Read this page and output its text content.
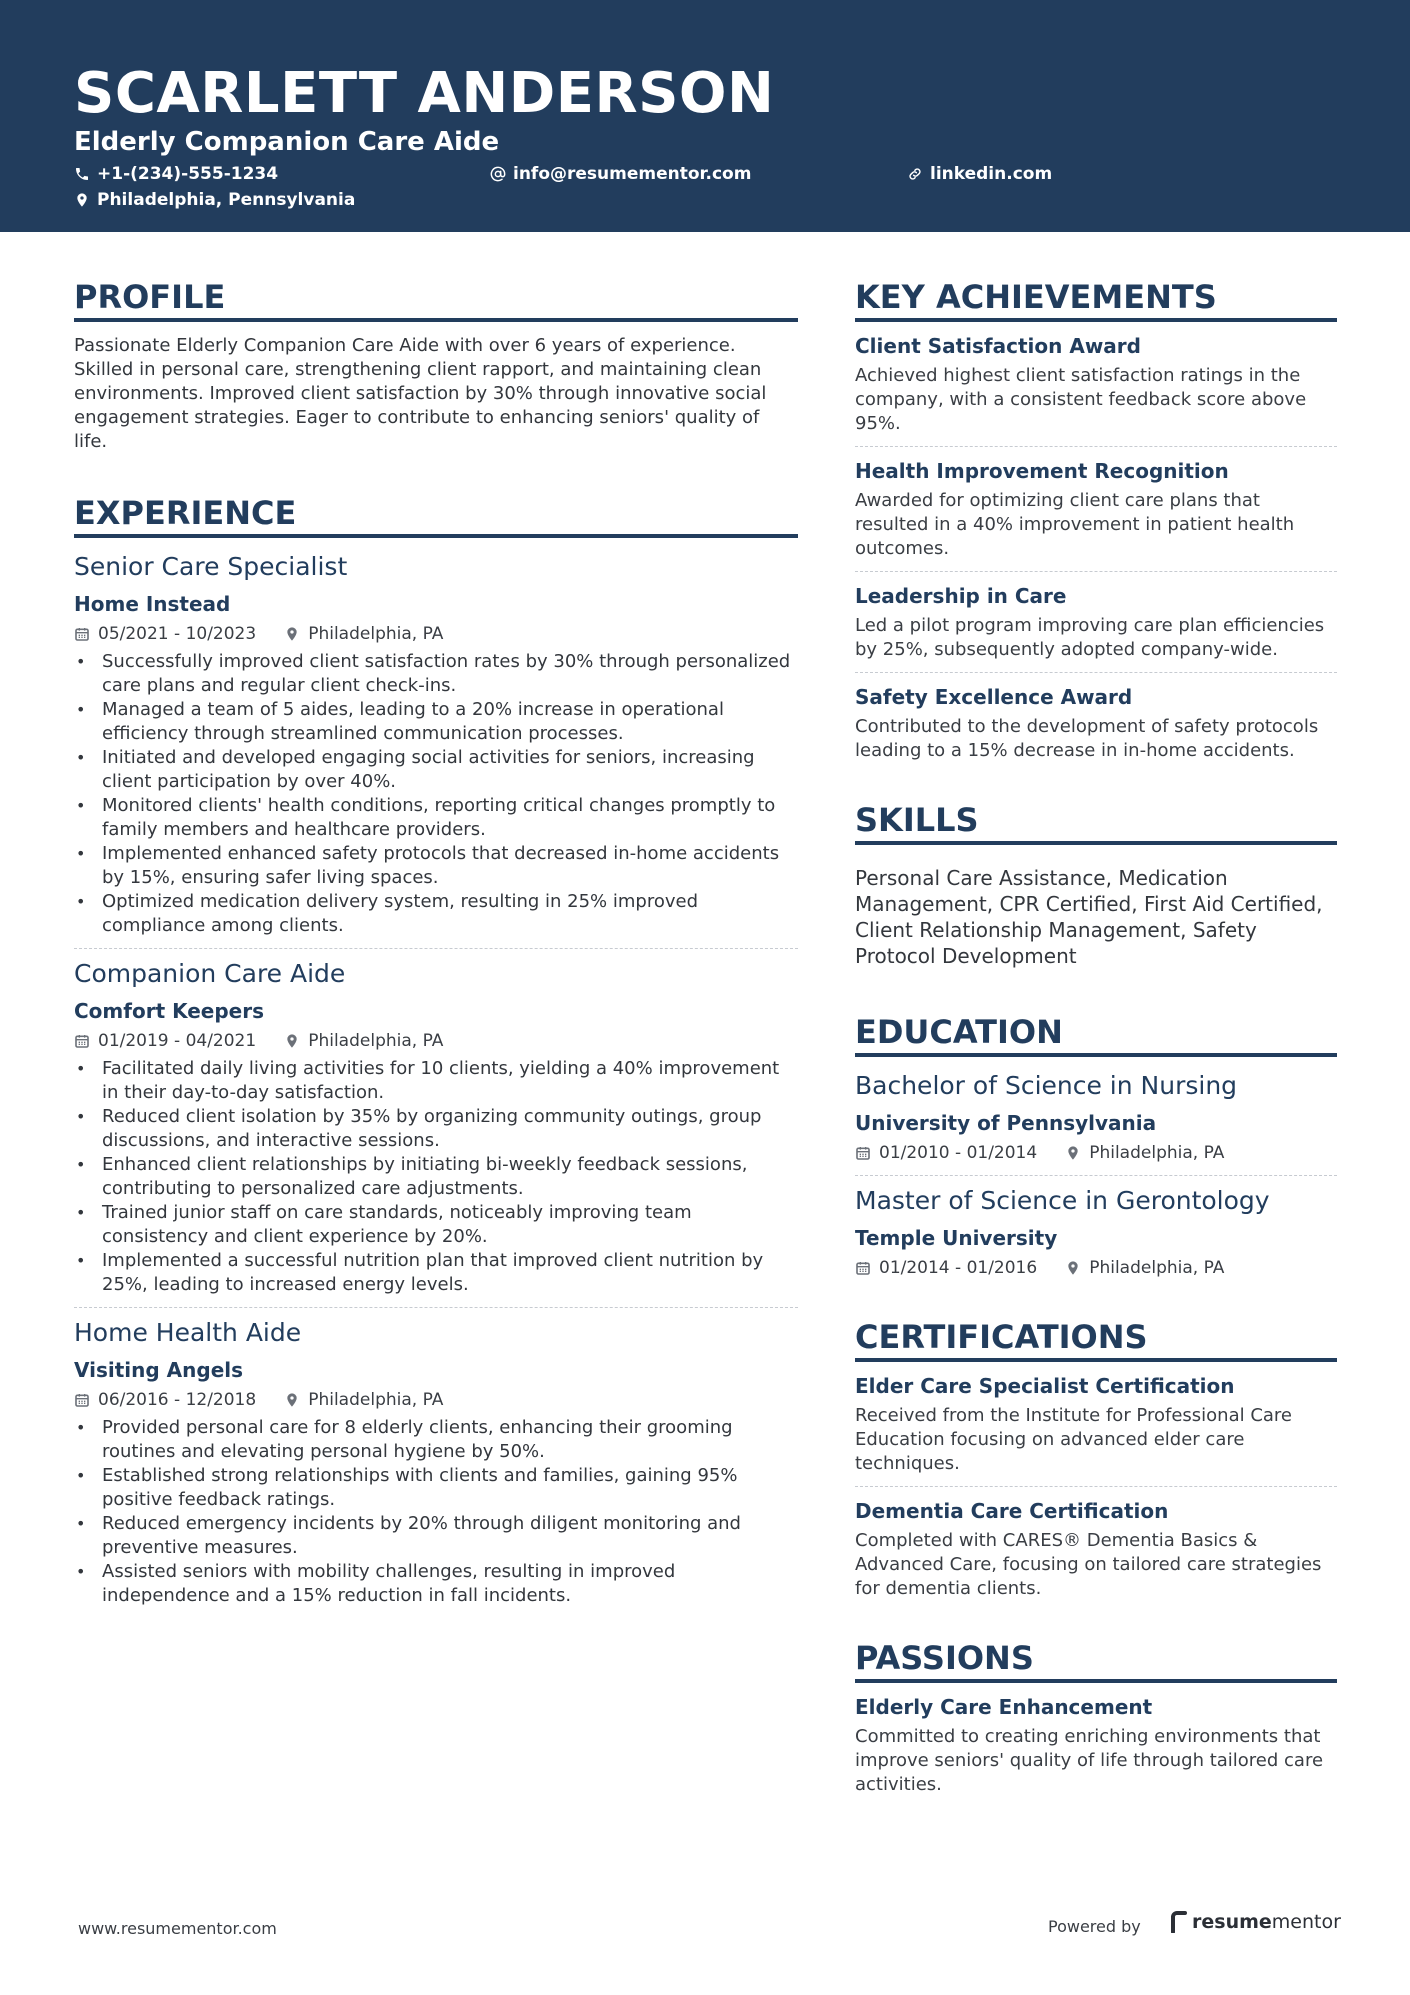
SCARLETT ANDERSON
Elderly Companion Care Aide
+1-(234)-555-1234	info@resumementor.com	linkedin.com
Philadelphia, Pennsylvania
PROFILE
Passionate Elderly Companion Care Aide with over 6 years of experience. Skilled in personal care, strengthening client rapport, and maintaining clean environments. Improved client satisfaction by 30% through innovative social engagement strategies. Eager to contribute to enhancing seniors' quality of life.
EXPERIENCE
Senior Care Specialist
Home Instead
05/2021 - 10/2023	Philadelphia, PA
• Successfully improved client satisfaction rates by 30% through personalized care plans and regular client check-ins.
• Managed a team of 5 aides, leading to a 20% increase in operational efficiency through streamlined communication processes.
• Initiated and developed engaging social activities for seniors, increasing client participation by over 40%.
• Monitored clients' health conditions, reporting critical changes promptly to family members and healthcare providers.
• Implemented enhanced safety protocols that decreased in-home accidents by 15%, ensuring safer living spaces.
• Optimized medication delivery system, resulting in 25% improved compliance among clients.
Companion Care Aide
Comfort Keepers
01/2019 - 04/2021	Philadelphia, PA
• Facilitated daily living activities for 10 clients, yielding a 40% improvement in their day-to-day satisfaction.
• Reduced client isolation by 35% by organizing community outings, group discussions, and interactive sessions.
• Enhanced client relationships by initiating bi-weekly feedback sessions, contributing to personalized care adjustments.
• Trained junior staff on care standards, noticeably improving team consistency and client experience by 20%.
• Implemented a successful nutrition plan that improved client nutrition by 25%, leading to increased energy levels.
Home Health Aide
Visiting Angels
06/2016 - 12/2018	Philadelphia, PA
• Provided personal care for 8 elderly clients, enhancing their grooming routines and elevating personal hygiene by 50%.
• Established strong relationships with clients and families, gaining 95% positive feedback ratings.
• Reduced emergency incidents by 20% through diligent monitoring and preventive measures.
• Assisted seniors with mobility challenges, resulting in improved independence and a 15% reduction in fall incidents.
KEY ACHIEVEMENTS
Client Satisfaction Award
Achieved highest client satisfaction ratings in the company, with a consistent feedback score above 95%.
Health Improvement Recognition
Awarded for optimizing client care plans that resulted in a 40% improvement in patient health outcomes.
Leadership in Care
Led a pilot program improving care plan efficiencies by 25%, subsequently adopted company-wide.
Safety Excellence Award
Contributed to the development of safety protocols leading to a 15% decrease in in-home accidents.
SKILLS
Personal Care Assistance, Medication Management, CPR Certified, First Aid Certified, Client Relationship Management, Safety Protocol Development
EDUCATION
Bachelor of Science in Nursing
University of Pennsylvania
01/2010 - 01/2014	Philadelphia, PA
Master of Science in Gerontology
Temple University
01/2014 - 01/2016	Philadelphia, PA
CERTIFICATIONS
Elder Care Specialist Certification
Received from the Institute for Professional Care Education focusing on advanced elder care techniques.
Dementia Care Certification
Completed with CARES® Dementia Basics & Advanced Care, focusing on tailored care strategies for dementia clients.
PASSIONS
Elderly Care Enhancement
Committed to creating enriching environments that improve seniors' quality of life through tailored care activities.
www.resumementor.com	Powered by	resume mentor
